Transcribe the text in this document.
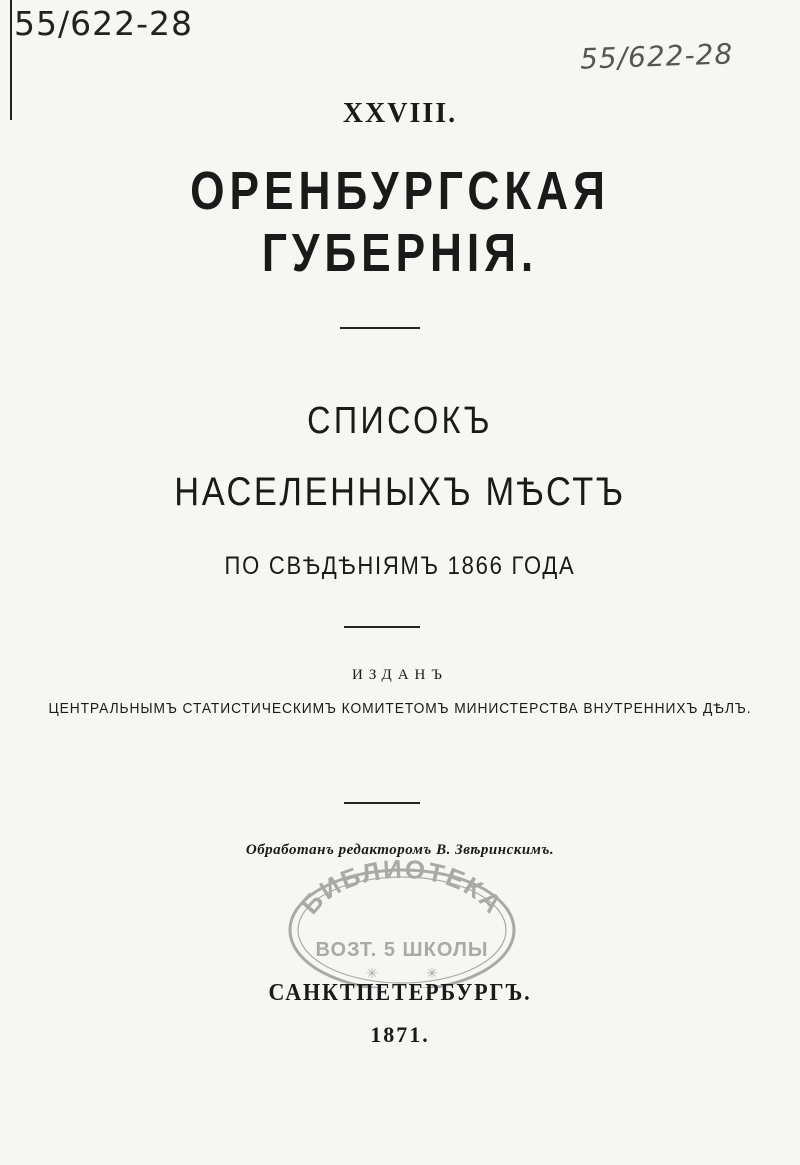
55/622-28
55/622-28
XXVIII.
ОРЕНБУРГСКАЯ ГУБЕРНІЯ.
СПИСОКЪ
НАСЕЛЕННЫХЪ МѢСТЪ
ПО СВѢДѢНІЯМЪ 1866 ГОДА
ИЗДАНЪ
ЦЕНТРАЛЬНЫМЪ СТАТИСТИЧЕСКИМЪ КОМИТЕТОМЪ МИНИСТЕРСТВА ВНУТРЕННИХЪ ДѢЛЪ.
Обработанъ редакторомъ В. Звѣринскимъ.
БИБЛИОТЕКА
ВОЗТ. 5 ШКОЛЫ
✳	✳
САНКТПЕТЕРБУРГЪ.
1871.
